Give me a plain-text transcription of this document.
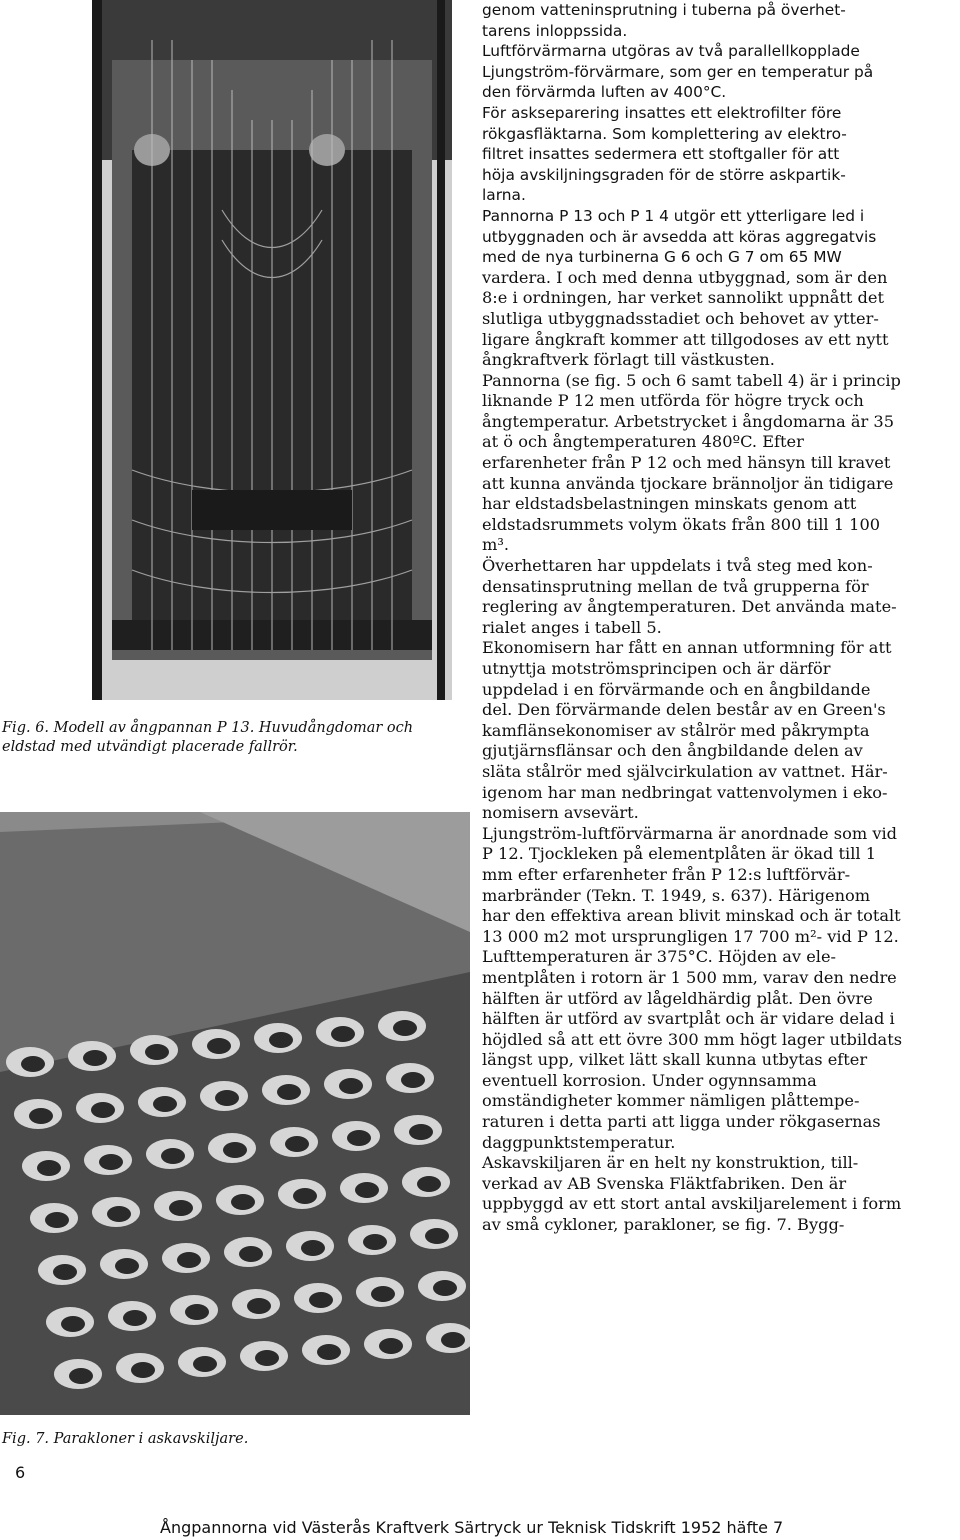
Fig. 6. Modell av ångpannan P 13. Huvudångdomar och eldstad med utvändigt placerade fallrör.
Fig. 7. Parakloner i askavskiljare.
genom vatteninsprutning i tuberna på överhet-
tarens inloppssida.
Luftförvärmarna utgöras av två parallellkopplade
Ljungström-förvärmare, som ger en temperatur på
den förvärmda luften av 400°C.
För askseparering insattes ett elektrofilter före
rökgasfläktarna. Som komplettering av elektro-
filtret insattes sedermera ett stoftgaller för att
höja avskiljningsgraden för de större askpartik-
larna.
Pannorna P 13 och P 1 4 utgör ett ytterligare led i
utbyggnaden och är avsedda att köras aggregatvis
med de nya turbinerna G 6 och G 7 om 65 MW
vardera. I och med denna utbyggnad, som är den
8:e i ordningen, har verket sannolikt uppnått det
slutliga utbyggnadsstadiet och behovet av ytter-
ligare ångkraft kommer att tillgodoses av ett nytt
ångkraftverk förlagt till västkusten.
Pannorna (se fig. 5 och 6 samt tabell 4) är i princip
liknande P 12 men utförda för högre tryck och
ångtemperatur. Arbetstrycket i ångdomarna är 35
at ö och ångtemperaturen 480ºC. Efter
erfarenheter från P 12 och med hänsyn till kravet
att kunna använda tjockare brännoljor än tidigare
har eldstadsbelastningen minskats genom att
eldstadsrummets volym ökats från 800 till 1 100
m³.
Överhettaren har uppdelats i två steg med kon-
densatinsprutning mellan de två grupperna för
reglering av ångtemperaturen. Det använda mate-
rialet anges i tabell 5.
Ekonomisern har fått en annan utformning för att
utnyttja motströmsprincipen och är därför
uppdelad i en förvärmande och en ångbildande
del. Den förvärmande delen består av en Green's
kamflänsekonomiser av stålrör med påkrympta
gjutjärnsflänsar och den ångbildande delen av
släta stålrör med självcirkulation av vattnet. Här-
igenom har man nedbringat vattenvolymen i eko-
nomisern avsevärt.
Ljungström-luftförvärmarna är anordnade som vid
P 12. Tjockleken på elementplåten är ökad till 1
mm efter erfarenheter från P 12:s luftförvär-
marbränder (Tekn. T. 1949, s. 637). Härigenom
har den effektiva arean blivit minskad och är totalt
13 000 m2 mot ursprungligen 17 700 m²- vid P 12.
Lufttemperaturen är 375°C. Höjden av ele-
mentplåten i rotorn är 1 500 mm, varav den nedre
hälften är utförd av lågeldhärdig plåt. Den övre
hälften är utförd av svartplåt och är vidare delad i
höjdled så att ett övre 300 mm högt lager utbildats
längst upp, vilket lätt skall kunna utbytas efter
eventuell korrosion. Under ogynnsamma
omständigheter kommer nämligen plåttempe-
raturen i detta parti att ligga under rökgasernas
daggpunktstemperatur.
Askavskiljaren är en helt ny konstruktion, till-
verkad av AB Svenska Fläktfabriken. Den är
uppbyggd av ett stort antal avskiljarelement i form
av små cykloner, parakloner, se fig. 7. Bygg-
6
Ångpannorna vid Västerås Kraftverk Särtryck ur Teknisk Tidskrift 1952 häfte 7
